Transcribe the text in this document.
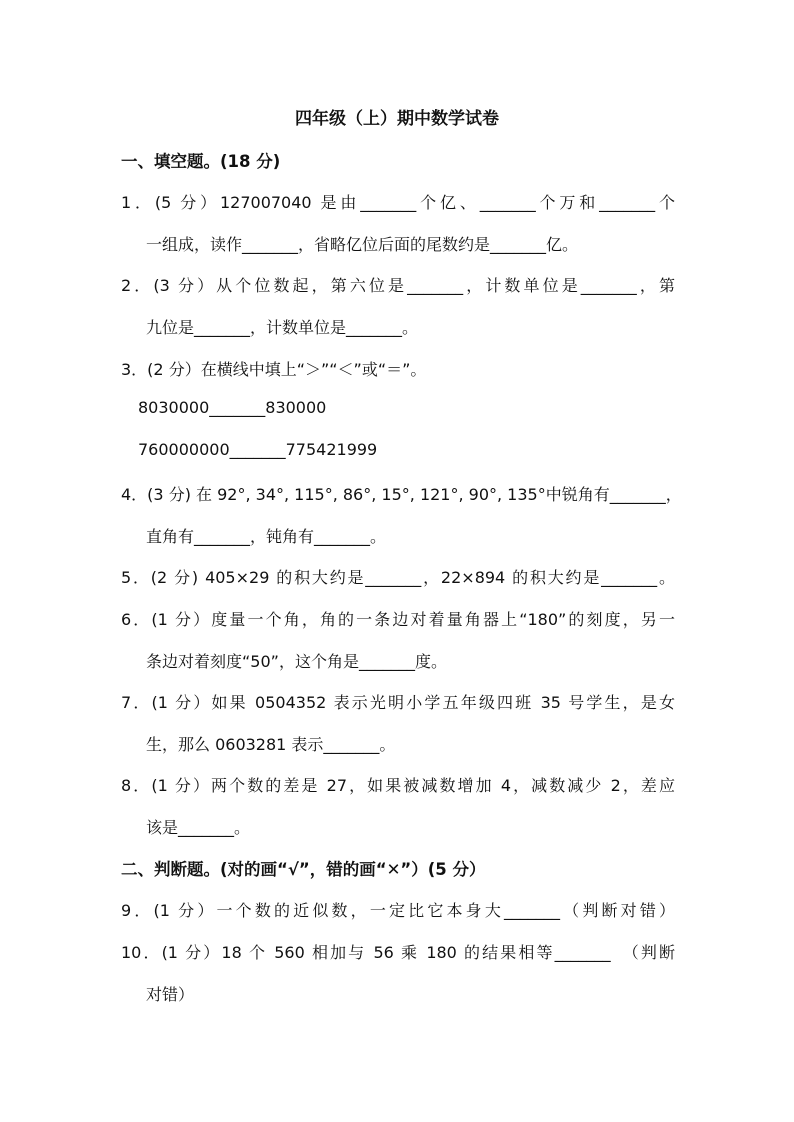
四年级（上）期中数学试卷
一、填空题。(18 分)
1．(5 分）127007040 是由_______个亿、_______个万和_______个
一组成，读作_______，省略亿位后面的尾数约是_______亿。
2．(3 分）从个位数起，第六位是_______，计数单位是_______，第
九位是_______，计数单位是_______。
3．(2 分）在横线中填上“＞”“＜”或“＝”。
8030000_______830000
760000000_______775421999
4．(3 分) 在 92°, 34°, 115°, 86°, 15°, 121°, 90°, 135°中锐角有_______，
直角有_______，钝角有_______。
5．(2 分) 405×29 的积大约是_______，22×894 的积大约是_______。
6．(1 分）度量一个角，角的一条边对着量角器上“180”的刻度，另一
条边对着刻度“50”，这个角是_______度。
7．(1 分）如果 0504352 表示光明小学五年级四班 35 号学生，是女
生，那么 0603281 表示_______。
8．(1 分）两个数的差是 27，如果被减数增加 4，减数减少 2，差应
该是_______。
二、判断题。(对的画“√”，错的画“✕”）(5 分）
9．(1 分）一个数的近似数，一定比它本身大_______（判断对错）
10．(1 分）18 个 560 相加与 56 乘 180 的结果相等_______　（判断
对错）
